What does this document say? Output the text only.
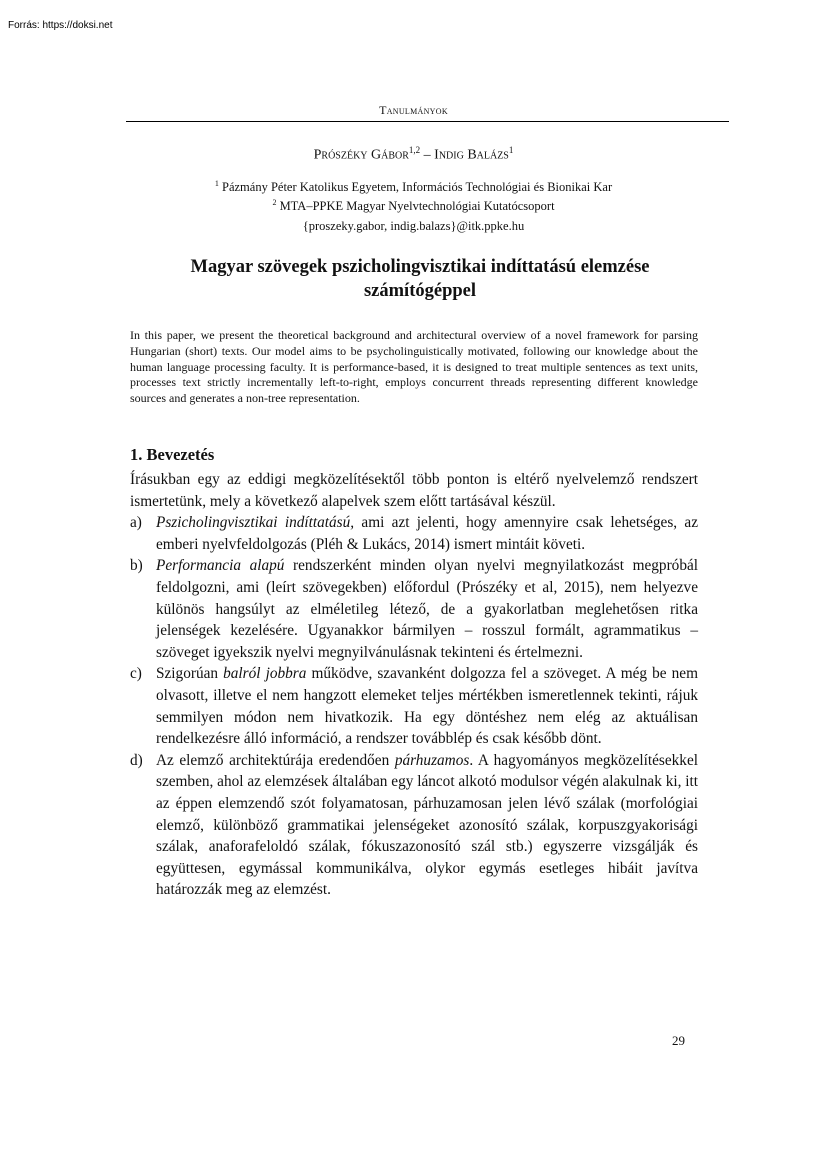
Forrás: https://doksi.net
Tanulmányok
Prószéky Gábor$^{1,2}$ – Indig Balázs$^1$
$^1$ Pázmány Péter Katolikus Egyetem, Információs Technológiai és Bionikai Kar
$^2$ MTA–PPKE Magyar Nyelvtechnológiai Kutatócsoport
{proszeky.gabor, indig.balazs}@itk.ppke.hu
Magyar szövegek pszicholingvisztikai indíttatású elemzése számítógéppel
In this paper, we present the theoretical background and architectural overview of a novel framework for parsing Hungarian (short) texts. Our model aims to be psycholinguistically motivated, following our knowledge about the human language processing faculty. It is performance-based, it is designed to treat multiple sentences as text units, processes text strictly incrementally left-to-right, employs concurrent threads representing different knowledge sources and generates a non-tree representation.
1. Bevezetés

Írásukban egy az eddigi megközelítésektől több ponton is eltérő nyelvelemző rendszert ismertetünk, mely a következő alapelvek szem előtt tartásával készül.

a) Pszicholingvisztikai indíttatású, ami azt jelenti, hogy amennyire csak lehetséges, az emberi nyelvfeldolgozás (Pléh & Lukács, 2014) ismert mintáit követi.
b) Performancia alapú rendszerként minden olyan nyelvi megnyilatkozást megpróbál feldolgozni, ami (leírt szövegekben) előfordul (Prószéky et al, 2015), nem helyezve különös hangsúlyt az elméletileg létező, de a gyakorlatban meglehetősen ritka jelenségek kezelésére. Ugyanakkor bármilyen – rosszul formált, agrammatikus – szöveget igyekszik nyelvi megnyilvánulásnak tekinteni és értelmezni.
c) Szigorúan balról jobbra működve, szavanként dolgozza fel a szöveget. A még be nem olvasott, illetve el nem hangzott elemeket teljes mértékben ismeretlennek tekinti, rájuk semmilyen módon nem hivatkozik. Ha egy döntéshez nem elég az aktuálisan rendelkezésre álló információ, a rendszer továbblép és csak később dönt.
d) Az elemző architektúrája eredendően párhuzamos. A hagyományos megközelítésekkel szemben, ahol az elemzések általában egy láncot alkotó modulsor végén alakulnak ki, itt az éppen elemzendő szót folyamatosan, párhuzamosan jelen lévő szálak (morfológiai elemző, különböző grammatikai jelenségeket azonosító szálak, korpuszgyakorisági szálak, anaforafeloldó szálak, fókuszazonosító szál stb.) egyszerre vizsgálják és együttesen, egymással kommunikálva, olykor egymás esetleges hibáit javítva határozzák meg az elemzést.
29
